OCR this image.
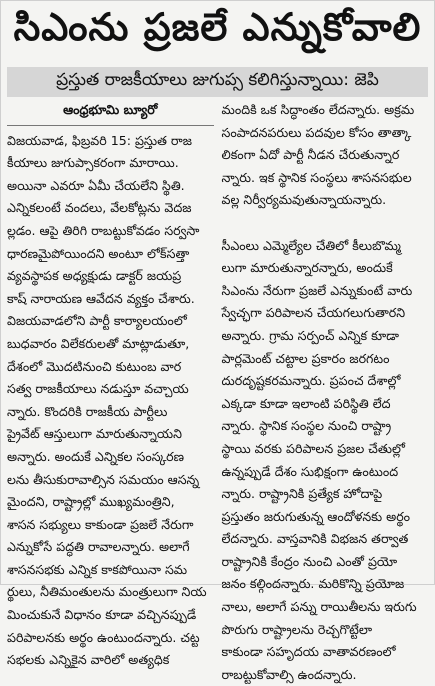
సిఎంను ప్రజలే ఎన్నుకోవాలి
ప్రస్తుత రాజకీయాలు జుగుప్స కలిగిస్తున్నాయి: జెపి
ఆంధ్రభూమి బ్యూరో
విజయవాడ, ఫిబ్రవరి 15: ప్రస్తుత రాజ
కీయాలు జుగుప్సాకరంగా మారాయి.
అయినా ఎవరూ ఏమీ చేయలేని స్థితి.
ఎన్నికలంటే వందలు, వేలకోట్లను వెదజ
ల్లడం. ఆపై తిరిగి రాబట్టుకోవడం సర్వసా
ధారణమైపోయిందని అంటూ లోక్‌సత్తా
వ్యవస్థాపక అధ్యక్షుడు డాక్టర్ జయప్ర
కాష్ నారాయణ ఆవేదన వ్యక్తం చేశారు.
విజయవాడలోని పార్టీ కార్యాలయంలో
బుధవారం విలేకరులతో మాట్లాడుతూ,
దేశంలో మొదటినుంచి కుటుంబ వార
సత్వ రాజకీయాలు నడుస్తూ వచ్చాయ
న్నారు. కొందరికి రాజకీయ పార్టీలు
ప్రైవేట్ ఆస్తులుగా మారుతున్నాయని
అన్నారు. అందుకే ఎన్నికల సంస్కరణ
లను తీసుకురావాల్సిన సమయం ఆసన్న
మైందని, రాష్ట్రాల్లో ముఖ్యమంత్రిని,
శాసన సభ్యులు కాకుండా ప్రజలే నేరుగా
ఎన్నుకోసే పద్ధతి రావాలన్నారు. అలాగే
శాసనసభకు ఎన్నిక కాకపోయినా సమ
ర్థులు, నీతిమంతులను మంత్రులుగా నియ
మించుకునే విధానం కూడా వచ్చినప్పుడే
పరిపాలనకు అర్థం ఉంటుందన్నారు. చట్ట
సభలకు ఎన్నికైన వారిలో అత్యధిక
మందికి ఒక సిద్ధాంతం లేదన్నారు. అక్రమ
సంపాదనపరులు పదవుల కోసం తాత్కా
లికంగా ఏదో పార్టీ నీడన చేరుతున్నార
న్నారు. ఇక స్థానిక సంస్థలు శాసనసభుల
వల్ల నిర్వీర్యమవుతున్నాయన్నారు.
సీఎంలు ఎమ్మెల్యేల చేతిలో కీలుబొమ్మ
లుగా మారుతున్నారన్నారు, అందుకే
సిఎంను నేరుగా ప్రజలే ఎన్నుకుంటే వారు
స్వేచ్ఛగా పరిపాలన చేయగలుగుతారని
అన్నారు. గ్రామ సర్పంచ్ ఎన్నిక కూడా
పార్లమెంట్ చట్టాల ప్రకారం జరగటం
దురదృష్టకరమన్నారు. ప్రపంచ దేశాల్లో
ఎక్కడా కూడా ఇలాంటి పరిస్థితి లేద
న్నారు. స్థానిక సంస్థల నుంచి రాష్ట్రా
స్థాయి వరకు పరిపాలన ప్రజల చేతుల్లో
ఉన్నప్పుడే దేశం సుభిక్షంగా ఉంటుంద
న్నారు. రాష్ట్రానికి ప్రత్యేక హోదాపై
ప్రస్తుతం జరుగుతున్న ఆందోళనకు అర్థం
లేదన్నారు. వాస్తవానికి విభజన తర్వాత
రాష్ట్రానికి కేంద్రం నుంచి ఎంతో ప్రయో
జనం కల్గిందన్నారు. మరికొన్ని ప్రయోజ
నాలు, అలాగే పన్ను రాయితీలను ఇరుగు
పొరుగు రాష్ట్రాలను రెచ్చగొట్టేలా
కాకుండా సహృదయ వాతావరణంలో
రాబట్టుకోవాల్సి ఉందన్నారు.
